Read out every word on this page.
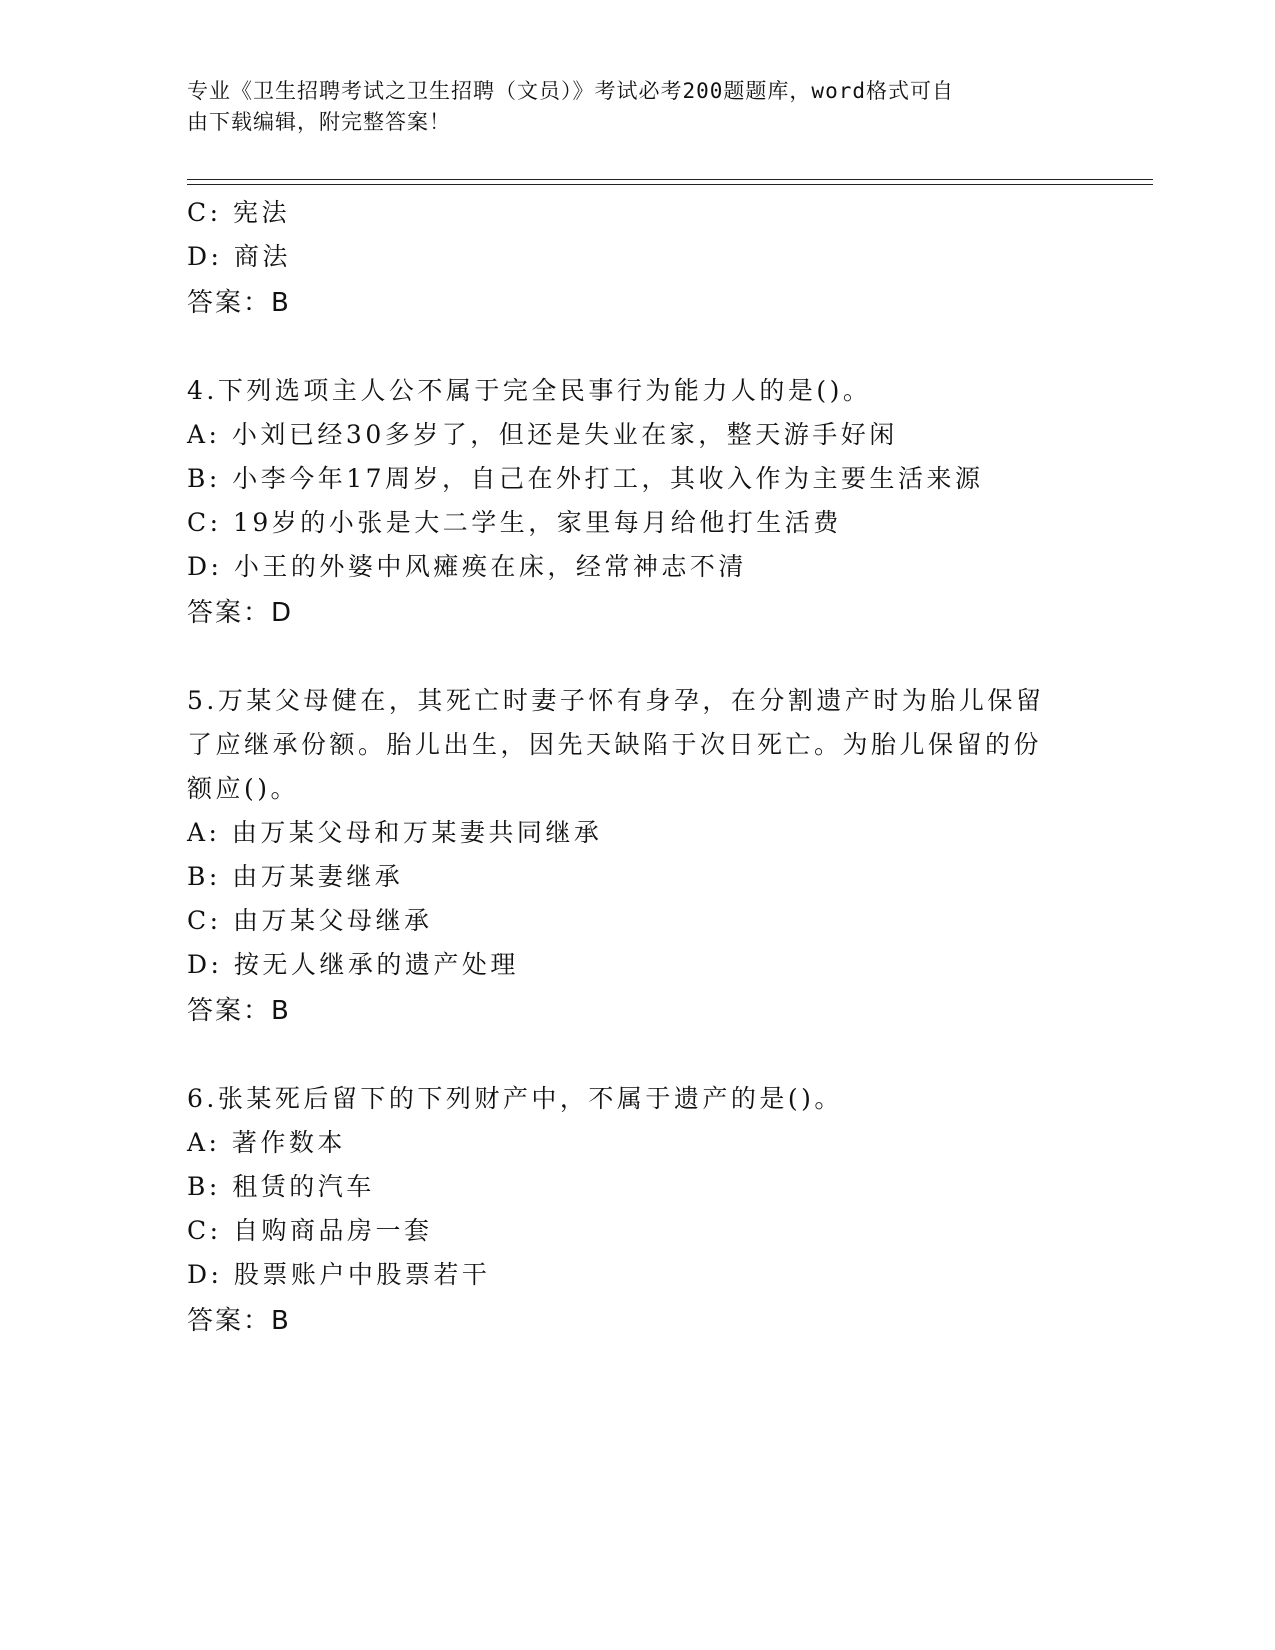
专业《卫生招聘考试之卫生招聘（文员）》考试必考200题题库，word格式可自
由下载编辑，附完整答案！
C: 宪法
D: 商法
答案：B
4.下列选项主人公不属于完全民事行为能力人的是()。
A: 小刘已经30多岁了，但还是失业在家，整天游手好闲
B: 小李今年17周岁，自己在外打工，其收入作为主要生活来源
C: 19岁的小张是大二学生，家里每月给他打生活费
D: 小王的外婆中风瘫痪在床，经常神志不清
答案：D
5.万某父母健在，其死亡时妻子怀有身孕，在分割遗产时为胎儿保留
了应继承份额。胎儿出生，因先天缺陷于次日死亡。为胎儿保留的份
额应()。
A: 由万某父母和万某妻共同继承
B: 由万某妻继承
C: 由万某父母继承
D: 按无人继承的遗产处理
答案：B
6.张某死后留下的下列财产中，不属于遗产的是()。
A: 著作数本
B: 租赁的汽车
C: 自购商品房一套
D: 股票账户中股票若干
答案：B
